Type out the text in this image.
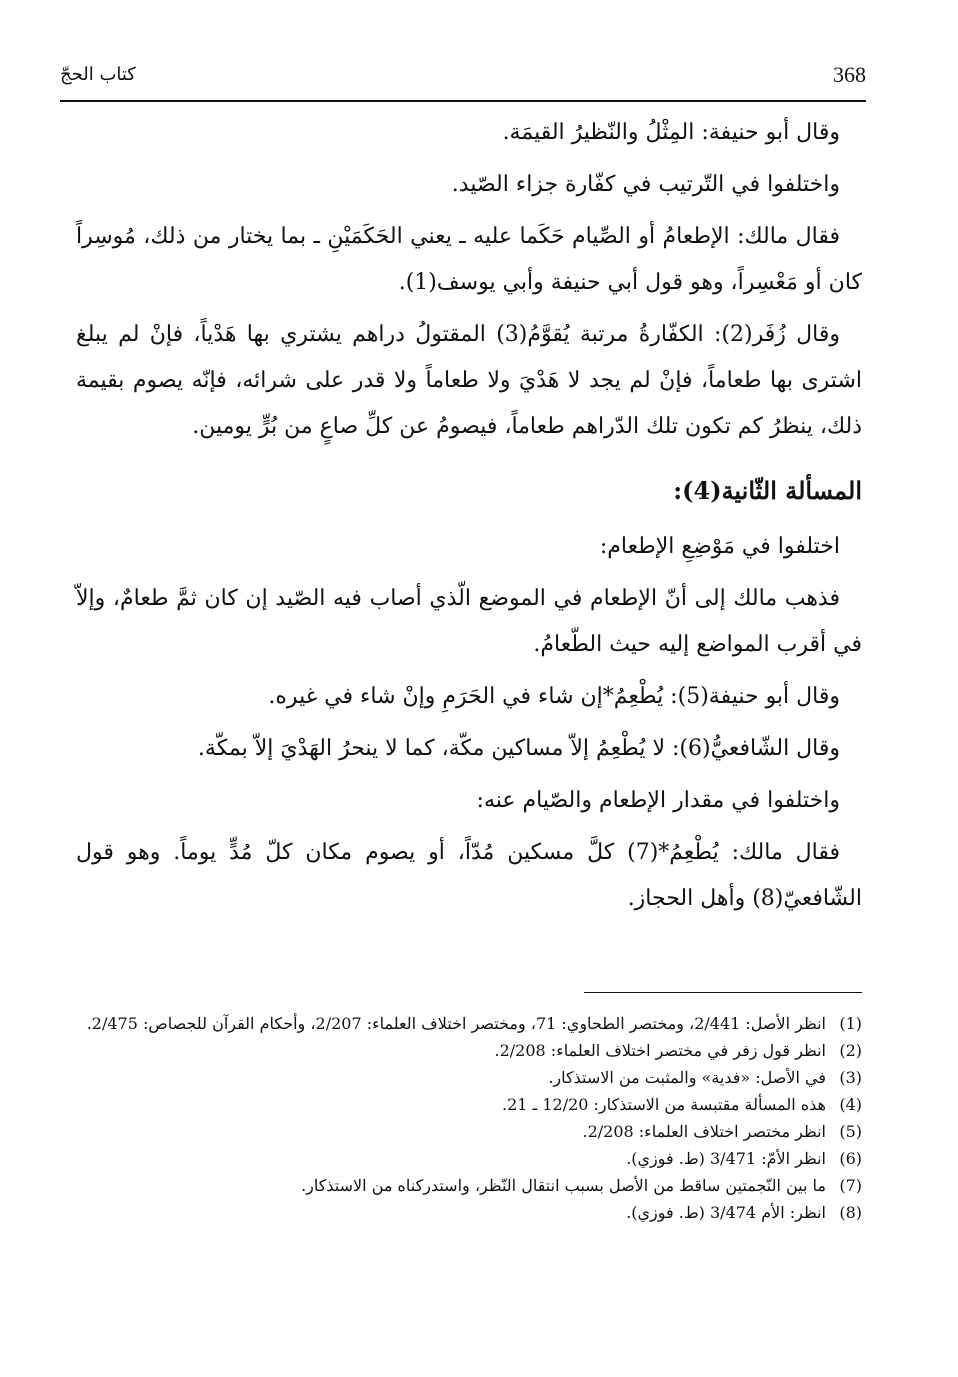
368
كتاب الحجّ

وقال أبو حنيفة: المِثْلُ والنّظيرُ القيمَة.

واختلفوا في التّرتيب في كفّارة جزاء الصّيد.

فقال مالك: الإطعامُ أو الصِّيام حَكَما عليه ـ يعني الحَكَمَيْنِ ـ بما يختار من ذلك، مُوسِراً كان أو مَعْسِراً، وهو قول أبي حنيفة وأبي يوسف(1).

وقال زُفَر(2): الكفّارةُ مرتبة يُقوَّمُ(3) المقتولُ دراهم يشتري بها هَدْياً، فإنْ لم يبلغ اشترى بها طعاماً، فإنْ لم يجد لا هَدْيَ ولا طعاماً ولا قدر على شرائه، فإنّه يصوم بقيمة ذلك، ينظرُ كم تكون تلك الدّراهم طعاماً، فيصومُ عن كلِّ صاعٍ من بُرٍّ يومين.

المسألة الثّانية(4):

اختلفوا في مَوْضِعِ الإطعام:

فذهب مالك إلى أنّ الإطعام في الموضع الّذي أصاب فيه الصّيد إن كان ثمَّ طعامٌ، وإلاّ في أقرب المواضع إليه حيث الطّعامُ.

وقال أبو حنيفة(5): يُطْعِمُ*إن شاء في الحَرَمِ وإنْ شاء في غيره.

وقال الشّافعيُّ(6): لا يُطْعِمُ إلاّ مساكين مكّة، كما لا ينحرُ الهَدْيَ إلاّ بمكّة.

واختلفوا في مقدار الإطعام والصّيام عنه:

فقال مالك: يُطْعِمُ*(7) كلَّ مسكين مُدّاً، أو يصوم مكان كلّ مُدٍّ يوماً. وهو قول الشّافعيّ(8) وأهل الحجاز.

(1)
انظر الأصل: 2/441، ومختصر الطحاوي: 71، ومختصر اختلاف العلماء: 2/207، وأحكام القرآن للجصاص: 2/475.
(2)
انظر قول زفر في مختصر اختلاف العلماء: 2/208.
(3)
في الأصل: «فدية» والمثبت من الاستذكار.
(4)
هذه المسألة مقتبسة من الاستذكار: 12/20 ـ 21.
(5)
انظر مختصر اختلاف العلماء: 2/208.
(6)
انظر الأمّ: 3/471 (ط. فوزي).
(7)
ما بين النّجمتين ساقط من الأصل بسبب انتقال النّظر، واستدركناه من الاستذكار.
(8)
انظر: الأم 3/474 (ط. فوزي).
